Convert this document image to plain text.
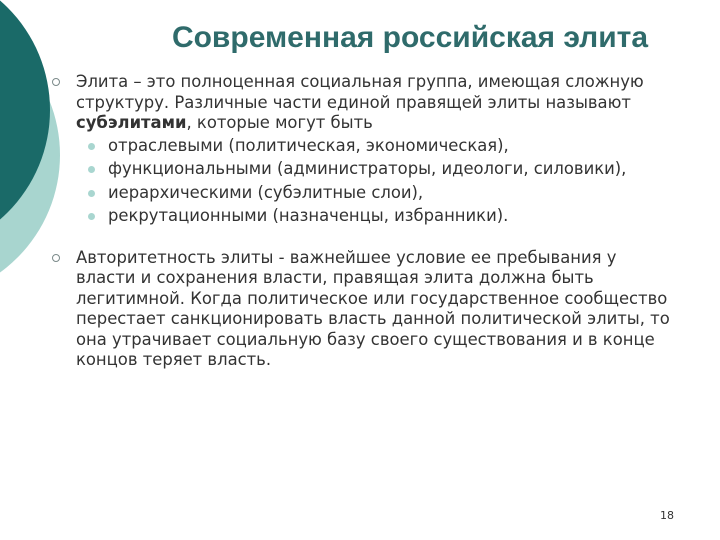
Современная российская элита
Элита – это полноценная социальная группа, имеющая сложную
структуру. Различные части единой правящей элиты называют
субэлитами, которые могут быть
отраслевыми (политическая, экономическая),
функциональными (администраторы, идеологи, силовики),
иерархическими (субэлитные слои),
рекрутационными (назначенцы, избранники).
Авторитетность элиты - важнейшее условие ее пребывания у
власти и сохранения власти, правящая элита должна быть
легитимной. Когда политическое или государственное сообщество
перестает санкционировать власть данной политической элиты, то
она утрачивает социальную базу своего существования и в конце
концов теряет власть.
18
